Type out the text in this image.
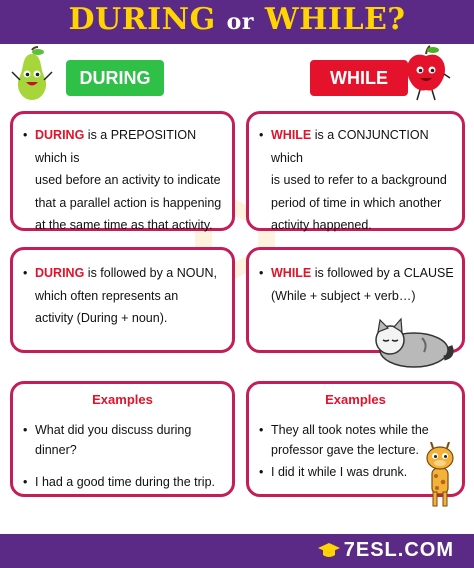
DURING or WHILE?
DURING	WHILE
• DURING is a PREPOSITION which is
used before an activity to indicate
that a parallel action is happening
at the same time as that activity.
• WHILE is a CONJUNCTION which
is used to refer to a background
period of time in which another
activity happened.
• DURING is followed by a NOUN,
which often represents an
activity (During + noun).
• WHILE is followed by a CLAUSE
(While + subject + verb…)
Examples
• What did you discuss during dinner?
• I had a good time during the trip.
Examples
• They all took notes while the
professor gave the lecture.
• I did it while I was drunk.
7ESL.COM
